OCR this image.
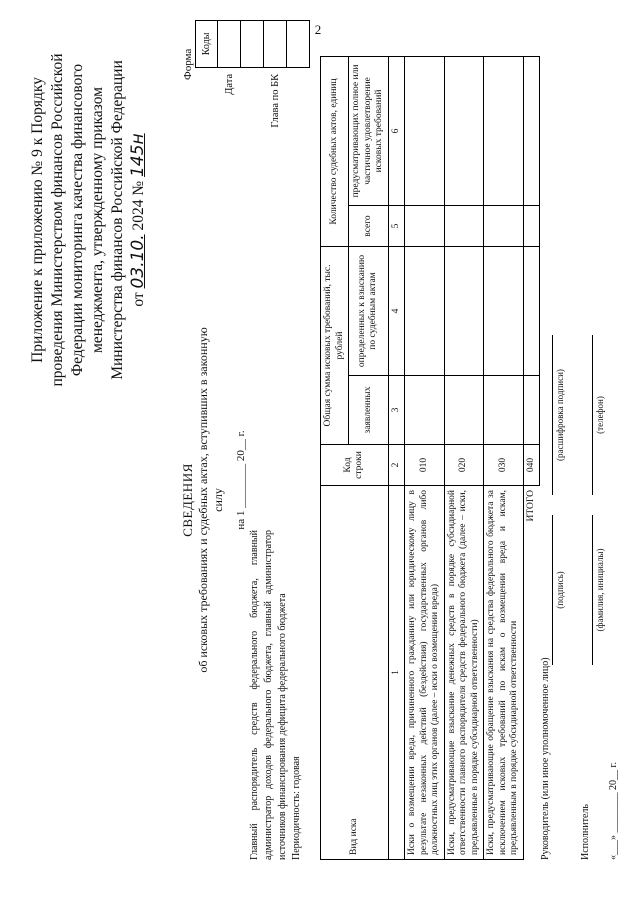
2
Приложение к приложению № 9 к Порядку проведения Министерством финансов Российской Федерации мониторинга качества финансового менеджмента, утвержденному приказом Министерства финансов Российской Федерации от 03.10. 2024 № 145н
Форма
	Коды
Дата	

Глава по БК	

СВЕДЕНИЯ об исковых требованиях и судебных актах, вступивших в законную силу на 1 ________ 20__ г.
Главный распорядитель средств федерального бюджета, главный администратор доходов федерального бюджета, главный администратор источников финансирования дефицита федерального бюджета Периодичность: годовая	Вид иска	Код строки	Общая сумма исковых требований, тыс. рублей		Количество судебных актов, единиц	
		заявленных	определенных к взысканию по судебным актам	всего	предусматривающих полное или частичное удовлетворение исковых требований
1	2	3	4	5	6
Иски о возмещении вреда, причиненного гражданину или юридическому лицу в результате незаконных действий (бездействия) государственных органов либо должностных лиц этих органов (далее – иски о возмещении вреда)	010				
Иски, предусматривающие взыскание денежных средств в порядке субсидиарной ответственности главного распорядителя средств федерального бюджета (далее – иски, предъявленные в порядке субсидиарной ответственности)	020				
Иски, предусматривающие обращение взыскания на средства федерального бюджета за исключением исковых требований по искам о возмещении вреда и искам, предъявленным в порядке субсидиарной ответственности	030				
ИТОГО	040				
Руководитель (или иное уполномоченное лицо)
(подпись)
(расшифровка подписи)
Исполнитель
(фамилия, инициалы)
(телефон)
«___» ________ 20__ г.
